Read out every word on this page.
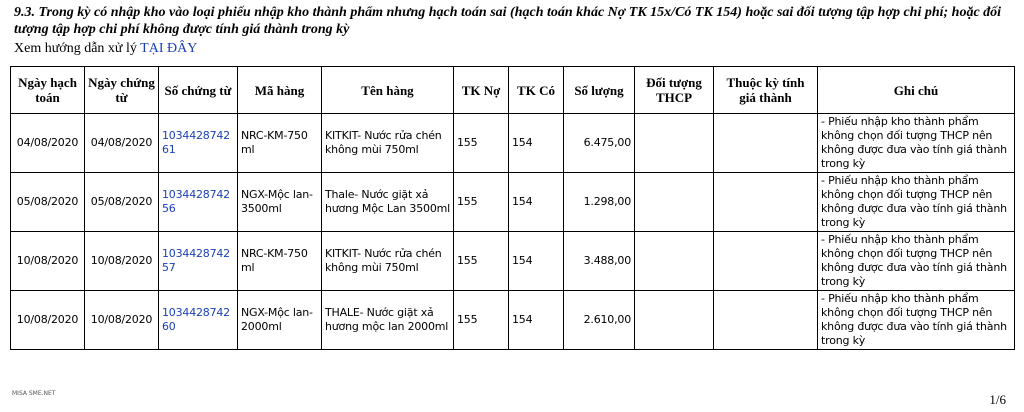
9.3. Trong kỳ có nhập kho vào loại phiếu nhập kho thành phẩm nhưng hạch toán sai (hạch toán khác Nợ TK 15x/Có TK 154) hoặc sai đối tượng tập hợp chi phí; hoặc đối tượng tập hợp chi phí không được tính giá thành trong kỳ
Xem hướng dẫn xử lý TẠI ĐÂY
Ngày hạch toán	Ngày chứng từ	Số chứng từ	Mã hàng	Tên hàng	TK Nợ	TK Có	Số lượng	Đối tượng THCP	Thuộc kỳ tính giá thành	Ghi chú
04/08/2020	04/08/2020	103442874261	NRC-KM-750 ml	KITKIT- Nước rửa chén không mùi 750ml	155	154	6.475,00			- Phiếu nhập kho thành phẩm không chọn đối tượng THCP nên không được đưa vào tính giá thành trong kỳ
05/08/2020	05/08/2020	103442874256	NGX-Mộc lan-3500ml	Thale- Nước giặt xả hương Mộc Lan 3500ml	155	154	1.298,00			- Phiếu nhập kho thành phẩm không chọn đối tượng THCP nên không được đưa vào tính giá thành trong kỳ
10/08/2020	10/08/2020	103442874257	NRC-KM-750 ml	KITKIT- Nước rửa chén không mùi 750ml	155	154	3.488,00			- Phiếu nhập kho thành phẩm không chọn đối tượng THCP nên không được đưa vào tính giá thành trong kỳ
10/08/2020	10/08/2020	103442874260	NGX-Mộc lan-2000ml	THALE- Nước giặt xả hương mộc lan 2000ml	155	154	2.610,00			- Phiếu nhập kho thành phẩm không chọn đối tượng THCP nên không được đưa vào tính giá thành trong kỳ
MISA SME.NET	1/6
